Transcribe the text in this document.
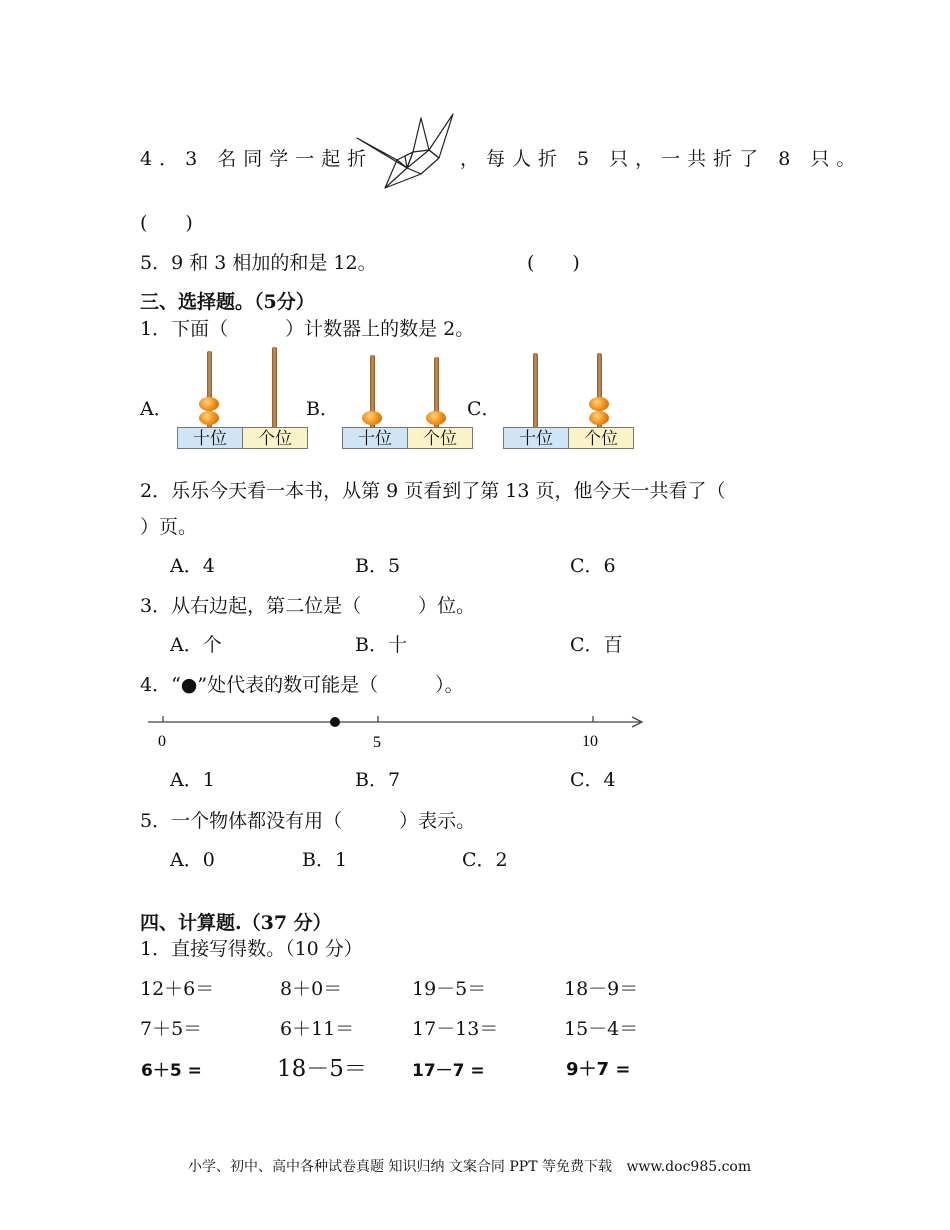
4．3 名同学一起折	，每人折 5 只，一共折了 8 只。
(　　)
5．9 和 3 相加的和是 12。	(　　)
三、选择题。（5分）
1．下面（　　　）计数器上的数是 2。
A．
十位	个位
B．
十位	个位
C．
十位	个位
2．乐乐今天看一本书，从第 9 页看到了第 13 页，他今天一共看了（
）页。
A．4	B．5	C．6
3．从右边起，第二位是（　　　）位。
A．个	B．十	C．百
4．“●”处代表的数可能是（　　　）。
0	5	10
A．1	B．7	C．4
5．一个物体都没有用（　　　）表示。
A．0	B．1	C．2
四、计算题.（37 分）
1．直接写得数。（10 分）
12＋6＝	8＋0＝	19－5＝	18－9＝
7＋5＝	6＋11＝	17－13＝	15－4＝
6＋5 =	18－5＝	17－7 =	9＋7 =
小学、初中、高中各种试卷真题 知识归纳 文案合同 PPT 等免费下载 www.doc985.com
